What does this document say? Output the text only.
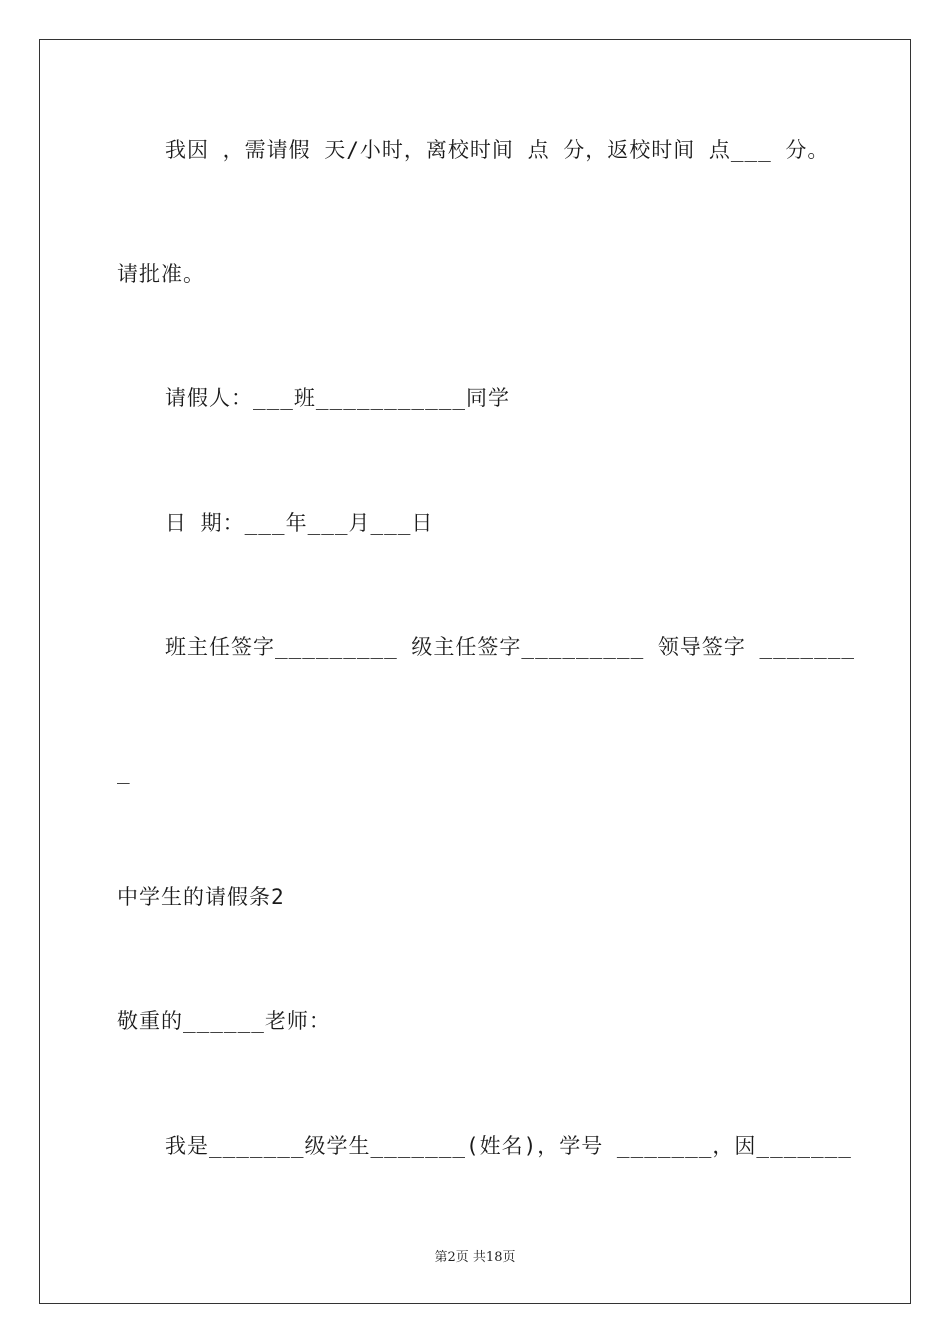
我因 ，需请假 天/小时，离校时间 点 分，返校时间 点___ 分。
请批准。
请假人：___班___________同学
日 期：___年___月___日
班主任签字_________ 级主任签字_________ 领导签字 _______
_
中学生的请假条2
敬重的______老师：
我是_______级学生_______(姓名)，学号 _______，因_______
第2页 共18页
